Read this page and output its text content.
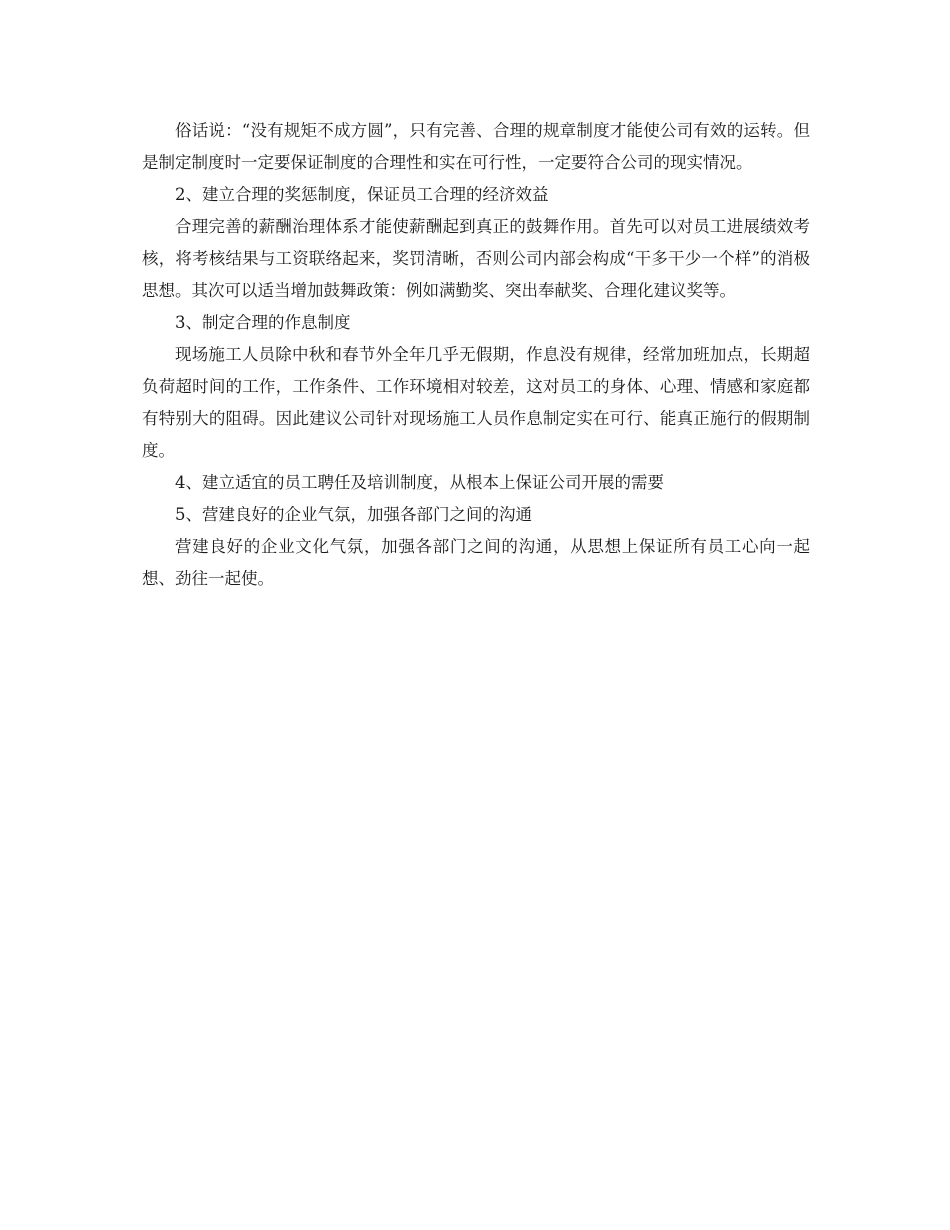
俗话说：“没有规矩不成方圆”，只有完善、合理的规章制度才能使公司有效的运转。但是制定制度时一定要保证制度的合理性和实在可行性，一定要符合公司的现实情况。

2、建立合理的奖惩制度，保证员工合理的经济效益

合理完善的薪酬治理体系才能使薪酬起到真正的鼓舞作用。首先可以对员工进展绩效考核，将考核结果与工资联络起来，奖罚清晰，否则公司内部会构成“干多干少一个样”的消极思想。其次可以适当增加鼓舞政策：例如满勤奖、突出奉献奖、合理化建议奖等。

3、制定合理的作息制度

现场施工人员除中秋和春节外全年几乎无假期，作息没有规律，经常加班加点，长期超负荷超时间的工作，工作条件、工作环境相对较差，这对员工的身体、心理、情感和家庭都有特别大的阻碍。因此建议公司针对现场施工人员作息制定实在可行、能真正施行的假期制度。

4、建立适宜的员工聘任及培训制度，从根本上保证公司开展的需要

5、营建良好的企业气氛，加强各部门之间的沟通

营建良好的企业文化气氛，加强各部门之间的沟通，从思想上保证所有员工心向一起想、劲往一起使。
